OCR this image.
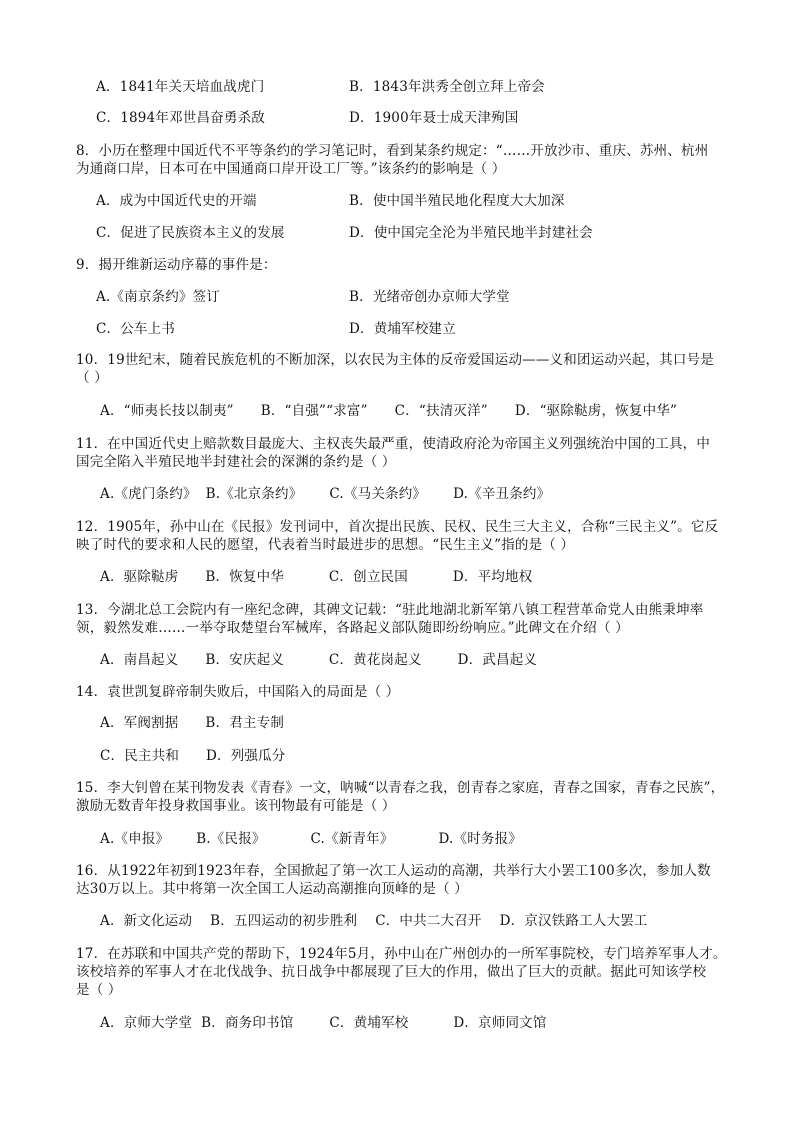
A．1841年关天培血战虎门	B．1843年洪秀全创立拜上帝会
C．1894年邓世昌奋勇杀敌	D．1900年聂士成天津殉国
8．小历在整理中国近代不平等条约的学习笔记时，看到某条约规定：“……开放沙市、重庆、苏州、杭州
为通商口岸，日本可在中国通商口岸开设工厂等。”该条约的影响是（ ）
A．成为中国近代史的开端	B．使中国半殖民地化程度大大加深
C．促进了民族资本主义的发展	D．使中国完全沦为半殖民地半封建社会
9．揭开维新运动序幕的事件是：
A.《南京条约》签订	B．光绪帝创办京师大学堂
C．公车上书	D．黄埔军校建立
10．19世纪末，随着民族危机的不断加深，以农民为主体的反帝爱国运动——义和团运动兴起，其口号是
（ ）
A．“师夷长技以制夷”      B．“自强”“求富”      C．“扶清灭洋”      D．“驱除鞑虏，恢复中华”
11．在中国近代史上赔款数目最庞大、主权丧失最严重，使清政府沦为帝国主义列强统治中国的工具，中
国完全陷入半殖民地半封建社会的深渊的条约是（ ）
A.《虎门条约》  B.《北京条约》      C.《马关条约》      D.《辛丑条约》
12．1905年，孙中山在《民报》发刊词中，首次提出民族、民权、民生三大主义，合称“三民主义”。它反
映了时代的要求和人民的愿望，代表着当时最进步的思想。“民生主义”指的是（ ）
A．驱除鞑虏      B．恢复中华          C．创立民国          D．平均地权
13．今湖北总工会院内有一座纪念碑，其碑文记载：“驻此地湖北新军第八镇工程营革命党人由熊秉坤率
领，毅然发难……一举夺取楚望台军械库，各路起义部队随即纷纷响应。”此碑文在介绍（ ）
A．南昌起义      B．安庆起义          C．黄花岗起义        D．武昌起义
14．袁世凯复辟帝制失败后，中国陷入的局面是（ ）
A．军阀割据      B．君主专制
C．民主共和      D．列强瓜分
15．李大钊曾在某刊物发表《青春》一文，呐喊“以青春之我，创青春之家庭，青春之国家，青春之民族”，
激励无数青年投身救国事业。该刊物最有可能是（ ）
A.《申报》      B.《民报》          C.《新青年》          D.《时务报》
16．从1922年初到1923年春，全国掀起了第一次工人运动的高潮，共举行大小罢工100多次，参加人数
达30万以上。其中将第一次全国工人运动高潮推向顶峰的是（ ）
A．新文化运动    B．五四运动的初步胜利    C．中共二大召开    D．京汉铁路工人大罢工
17．在苏联和中国共产党的帮助下，1924年5月，孙中山在广州创办的一所军事院校，专门培养军事人才。
该校培养的军事人才在北伐战争、抗日战争中都展现了巨大的作用，做出了巨大的贡献。据此可知该学校
是（ ）
A．京师大学堂  B．商务印书馆        C．黄埔军校          D．京师同文馆
